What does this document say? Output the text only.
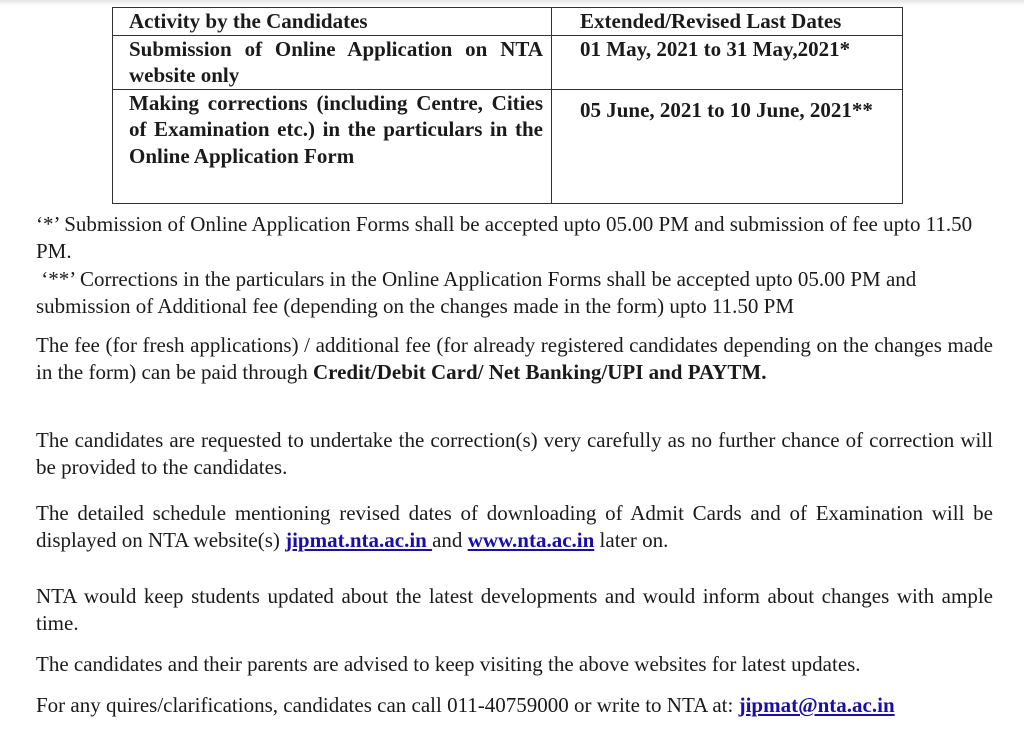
Activity by the Candidates	Extended/Revised Last Dates
Submission of Online Application on NTA website only	01 May, 2021 to 31 May,2021*
Making corrections (including Centre, Cities of Examination etc.) in the particulars in the Online Application Form	05 June, 2021 to 10 June, 2021**
‘*’ Submission of Online Application Forms shall be accepted upto 05.00 PM and submission of fee upto 11.50 PM.
‘**’ Corrections in the particulars in the Online Application Forms shall be accepted upto 05.00 PM and submission of Additional fee (depending on the changes made in the form) upto 11.50 PM
The fee (for fresh applications) / additional fee (for already registered candidates depending on the changes made in the form) can be paid through Credit/Debit Card/ Net Banking/UPI and PAYTM.
The candidates are requested to undertake the correction(s) very carefully as no further chance of correction will be provided to the candidates.
The detailed schedule mentioning revised dates of downloading of Admit Cards and of Examination will be displayed on NTA website(s) jipmat.nta.ac.in and www.nta.ac.in later on.
NTA would keep students updated about the latest developments and would inform about changes with ample time.
The candidates and their parents are advised to keep visiting the above websites for latest updates.
For any quires/clarifications, candidates can call 011-40759000 or write to NTA at: jipmat@nta.ac.in
